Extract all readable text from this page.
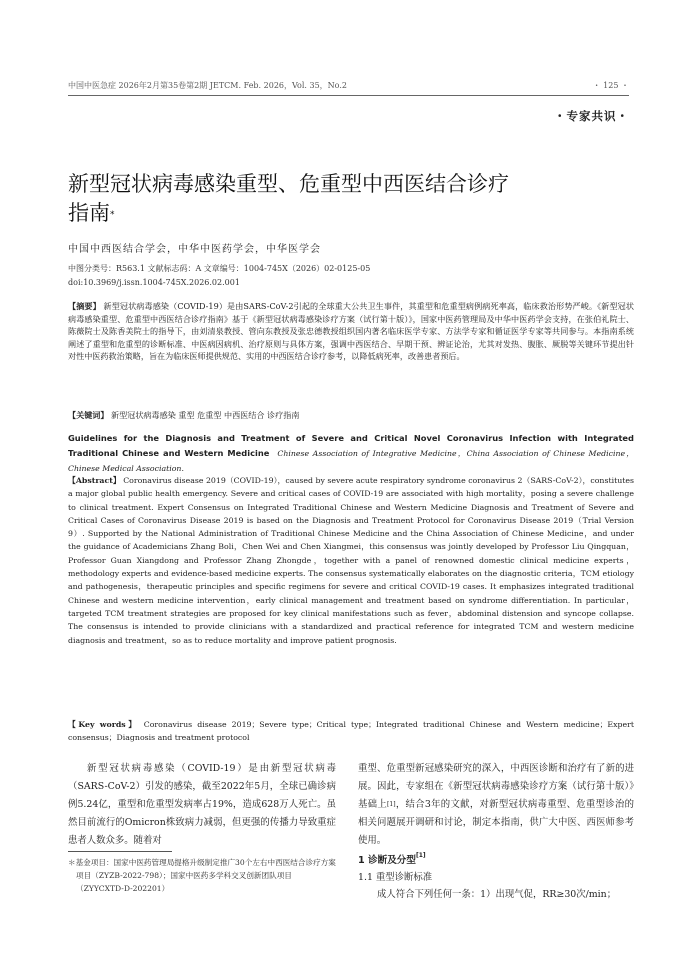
中国中医急症 2026年2月第35卷第2期 JETCM. Feb. 2026，Vol. 35，No.2	・ 125 ・
・专家共识・
新型冠状病毒感染重型、危重型中西医结合诊疗指南*
中国中西医结合学会，中华中医药学会，中华医学会
中图分类号：R563.1 文献标志码：A 文章编号：1004-745X（2026）02-0125-05
doi:10.3969/j.issn.1004-745X.2026.02.001

【摘要】 新型冠状病毒感染（COVID-19）是由SARS-CoV-2引起的全球重大公共卫生事件，其重型和危重型病例病死率高，临床救治形势严峻。《新型冠状病毒感染重型、危重型中西医结合诊疗指南》基于《新型冠状病毒感染诊疗方案（试行第十版）》，国家中医药管理局及中华中医药学会支持，在张伯礼院士、陈薇院士及陈香美院士的指导下，由刘清泉教授、管向东教授及张忠德教授组织国内著名临床医学专家、方法学专家和循证医学专家等共同参与。本指南系统阐述了重型和危重型的诊断标准、中医病因病机、治疗原则与具体方案，强调中西医结合、早期干预、辨证论治，尤其对发热、腹胀、厥脱等关键环节提出针对性中医药救治策略，旨在为临床医师提供规范、实用的中西医结合诊疗参考，以降低病死率，改善患者预后。

【关键词】 新型冠状病毒感染 重型 危重型 中西医结合 诊疗指南

Guidelines for the Diagnosis and Treatment of Severe and Critical Novel Coronavirus Infection with Integrated Traditional Chinese and Western Medicine Chinese Association of Integrative Medicine，China Association of Chinese Medicine，Chinese Medical Association.

【Abstract】 Coronavirus disease 2019（COVID-19），caused by severe acute respiratory syndrome coronavirus 2（SARS-CoV-2），constitutes a major global public health emergency. Severe and critical cases of COVID-19 are associated with high mortality，posing a severe challenge to clinical treatment. Expert Consensus on Integrated Traditional Chinese and Western Medicine Diagnosis and Treatment of Severe and Critical Cases of Coronavirus Disease 2019 is based on the Diagnosis and Treatment Protocol for Coronavirus Disease 2019（Trial Version 9）. Supported by the National Administration of Traditional Chinese Medicine and the China Association of Chinese Medicine，and under the guidance of Academicians Zhang Boli，Chen Wei and Chen Xiangmei，this consensus was jointly developed by Professor Liu Qingquan，Professor Guan Xiangdong and Professor Zhang Zhongde，together with a panel of renowned domestic clinical medicine experts，methodology experts and evidence-based medicine experts. The consensus systematically elaborates on the diagnostic criteria，TCM etiology and pathogenesis，therapeutic principles and specific regimens for severe and critical COVID-19 cases. It emphasizes integrated traditional Chinese and western medicine intervention，early clinical management and treatment based on syndrome differentiation. In particular，targeted TCM treatment strategies are proposed for key clinical manifestations such as fever，abdominal distension and syncope collapse. The consensus is intended to provide clinicians with a standardized and practical reference for integrated TCM and western medicine diagnosis and treatment，so as to reduce mortality and improve patient prognosis.

【Key words】 Coronavirus disease 2019；Severe type；Critical type；Integrated traditional Chinese and Western medicine；Expert consensus；Diagnosis and treatment protocol

新型冠状病毒感染（COVID-19）是由新型冠状病毒（SARS-CoV-2）引发的感染，截至2022年5月，全球已确诊病例5.24亿，重型和危重型发病率占19%，造成628万人死亡。虽然目前流行的Omicron株致病力减弱，但更强的传播力导致重症患者人数众多。随着对

重型、危重型新冠感染研究的深入，中西医诊断和治疗有了新的进展。因此，专家组在《新型冠状病毒感染诊疗方案（试行第十版）》基础上[1]，结合3年的文献，对新型冠状病毒重型、危重型诊治的相关问题展开调研和讨论，制定本指南，供广大中医、西医师参考使用。

＊基金项目：国家中医药管理局提格升级制定推广30个左右中西医结合诊疗方案项目（ZYZB-2022-798）；国家中医药多学科交叉创新团队项目（ZYYCXTD-D-202201）

1 诊断及分型[1]
1.1 重型诊断标准

成人符合下列任何一条：1）出现气促，RR≥30次/min；
